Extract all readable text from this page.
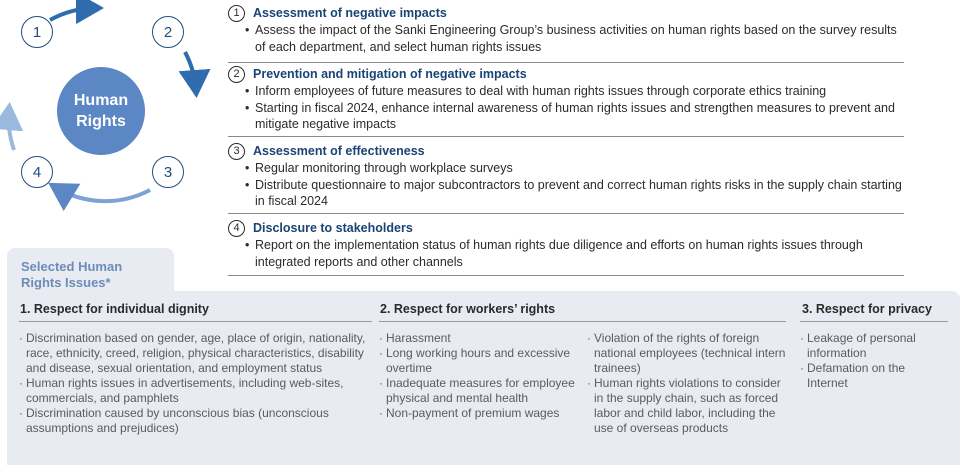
Human
Rights
1	2
3
4
1	Assessment of negative impacts
• Assess the impact of the Sanki Engineering Group’s business activities on human rights based on the survey results of each department, and select human rights issues
2	Prevention and mitigation of negative impacts
• Inform employees of future measures to deal with human rights issues through corporate ethics training
• Starting in fiscal 2024, enhance internal awareness of human rights issues and strengthen measures to prevent and mitigate negative impacts
3	Assessment of effectiveness
• Regular monitoring through workplace surveys
• Distribute questionnaire to major subcontractors to prevent and correct human rights risks in the supply chain starting in fiscal 2024
4	Disclosure to stakeholders
• Report on the implementation status of human rights due diligence and efforts on human rights issues through integrated reports and other channels
Selected Human
Rights Issues*
1. Respect for individual dignity
· Discrimination based on gender, age, place of origin, nationality, race, ethnicity, creed, religion, physical characteristics, disability and disease, sexual orientation, and employment status
· Human rights issues in advertisements, including web-sites, commercials, and pamphlets
· Discrimination caused by unconscious bias (unconscious assumptions and prejudices)
2. Respect for workers’ rights
· Harassment
· Long working hours and excessive overtime
· Inadequate measures for employee physical and mental health
· Non-payment of premium wages
· Violation of the rights of foreign national employees (technical intern trainees)
· Human rights violations to consider in the supply chain, such as forced labor and child labor, including the use of overseas products
3. Respect for privacy
· Leakage of personal information
· Defamation on the Internet
